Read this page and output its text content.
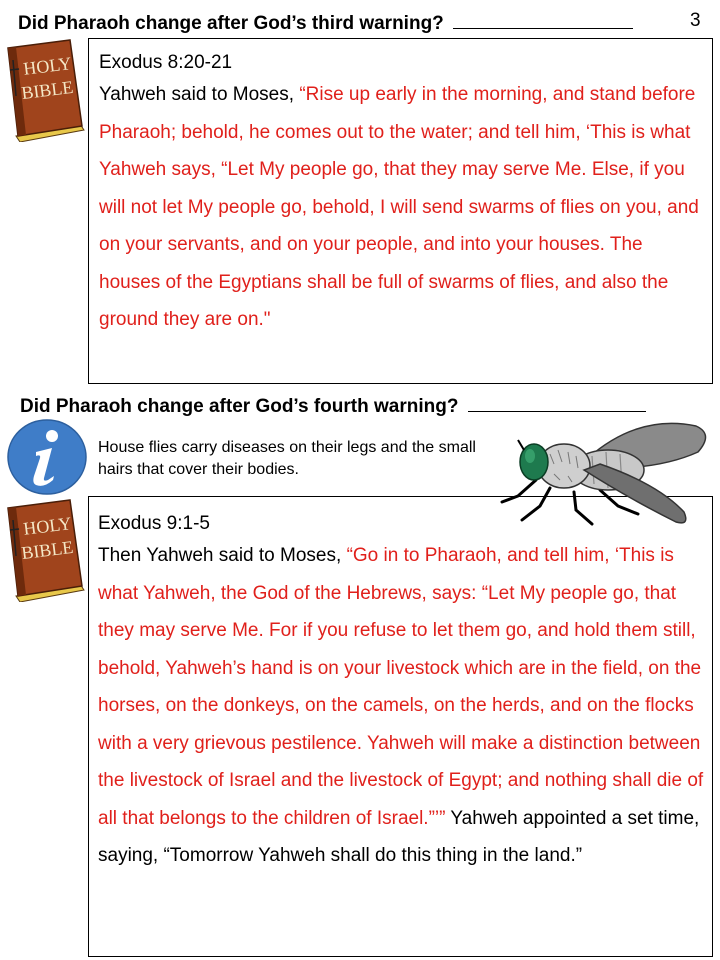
Did Pharaoh change after God’s third warning?	3
HOLY
BIBLE
Exodus 8:20-21
Yahweh said to Moses, “Rise up early in the morning, and stand before Pharaoh; behold, he comes out to the water; and tell him, ‘This is what Yahweh says, “Let My people go, that they may serve Me. Else, if you will not let My people go, behold, I will send swarms of flies on you, and on your servants, and on your people, and into your houses. The houses of the Egyptians shall be full of swarms of flies, and also the ground they are on."
Did Pharaoh change after God’s fourth warning?
House flies carry diseases on their legs and the small hairs that cover their bodies.
HOLY
BIBLE
Exodus 9:1-5
Then Yahweh said to Moses, “Go in to Pharaoh, and tell him, ‘This is what Yahweh, the God of the Hebrews, says: “Let My people go, that they may serve Me. For if you refuse to let them go, and hold them still, behold, Yahweh’s hand is on your livestock which are in the field, on the horses, on the donkeys, on the camels, on the herds, and on the flocks with a very grievous pestilence. Yahweh will make a distinction between the livestock of Israel and the livestock of Egypt; and nothing shall die of all that belongs to the children of Israel.”’” Yahweh appointed a set time, saying, “Tomorrow Yahweh shall do this thing in the land.”
